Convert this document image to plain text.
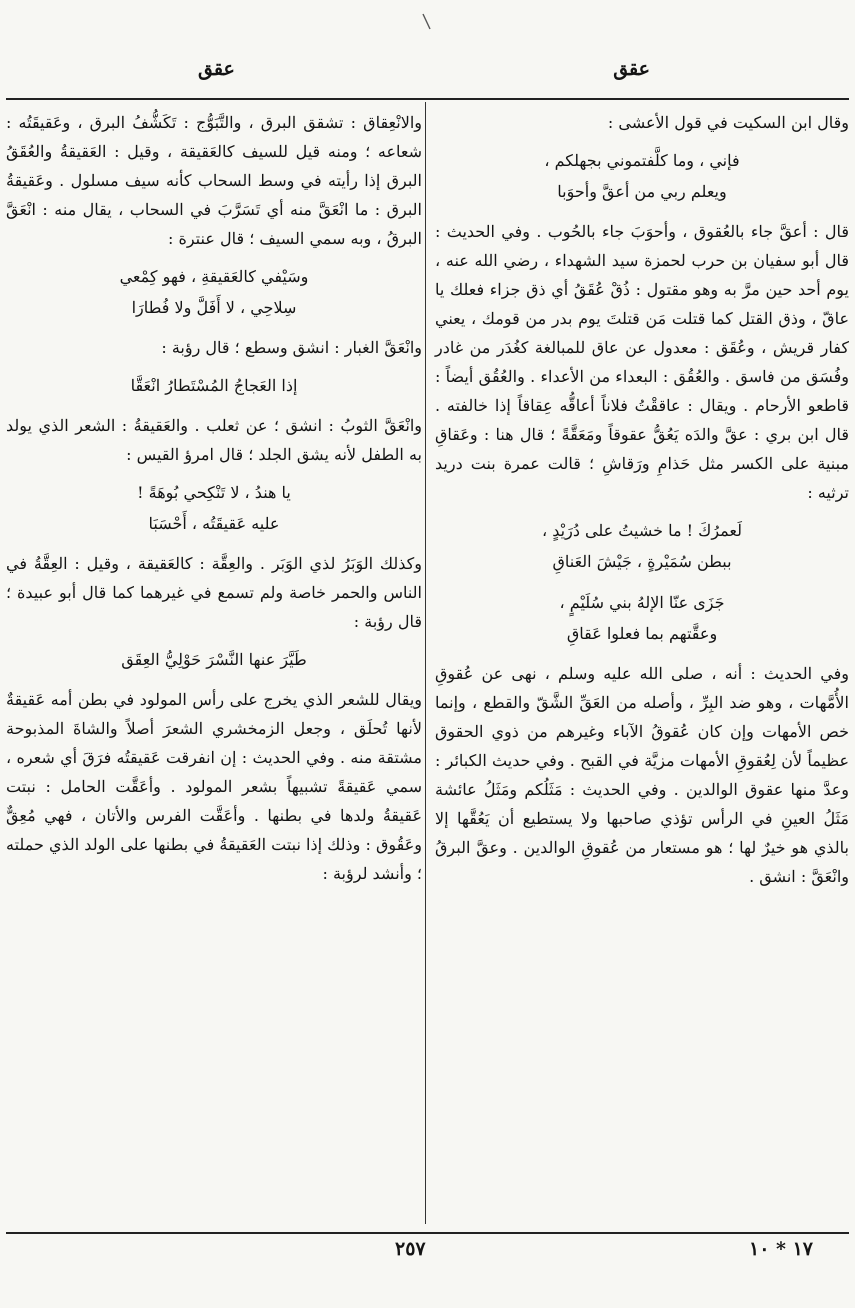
عقق
عقق

وقال ابن السكيت في قول الأعشى :

فإني ، وما كلَّفتموني بجهلكم ،
ويعلم ربي من أعقَّ وأحوَبا

قال : أعقَّ جاء بالعُقوق ، وأحوَبَ جاء بالحُوب . وفي الحديث : قال أبو سفيان بن حرب لحمزة سيد الشهداء ، رضي الله عنه ، يوم أحد حين مرَّ به وهو مقتول : ذُقْ عُقَقُ أي ذق جزاء فعلك يا عاقّ ، وذق القتل كما قتلت مَن قتلتَ يوم بدر من قومك ، يعني كفار قريش ، وعُقَق : معدول عن عاق للمبالغة كغُدَر من غادر وفُسَق من فاسق . والعُقُق : البعداء من الأعداء . والعُقُق أيضاً : قاطعو الأرحام . ويقال : عاققْتُ فلاناً أعاقُّه عِقاقاً إذا خالفته . قال ابن بري : عقَّ والدَه يَعُقُّ عقوقاً ومَعَقَّةً ؛ قال هنا : وعَقاقِ مبنية على الكسر مثل حَذامِ ورَقاشِ ؛ قالت عمرة بنت دريد ترثيه :

لَعمرُكَ ! ما خشيتُ على دُرَيْدٍ ،
ببطن سُمَيْرةٍ ، جَيْشَ العَناقِ
جَزَى عنّا الإلهُ بني سُلَيْمٍ ،
وعقَّتهم بما فعلوا عَقاقِ

وفي الحديث : أنه ، صلى الله عليه وسلم ، نهى عن عُقوقِ الأُمَّهات ، وهو ضد البِرِّ ، وأصله من العَقِّ الشَّقّ والقطع ، وإنما خص الأمهات وإن كان عُقوقُ الآباء وغيرهم من ذوي الحقوق عظيماً لأن لِعُقوقِ الأمهات مزيَّة في القبح . وفي حديث الكبائر : وعدَّ منها عقوق الوالدين . وفي الحديث : مَثَلُكم ومَثَلُ عائشة مَثَلُ العينِ في الرأس تؤذي صاحبها ولا يستطيع أن يَعُقَّها إلا بالذي هو خيرٌ لها ؛ هو مستعار من عُقوقِ الوالدين . وعقَّ البرقُ وانْعَقَّ : انشق .

والانْعِقاق : تشقق البرق ، والتَّبَوُّج : تَكَشُّفُ البرق ، وعَقيقَتُه : شعاعه ؛ ومنه قيل للسيف كالعَقيقة ، وقيل : العَقيقةُ والعُقَقُ البرق إذا رأيته في وسط السحاب كأنه سيف مسلول . وعَقيقةُ البرق : ما انْعَقَّ منه أي تَسَرَّبَ في السحاب ، يقال منه : انْعَقَّ البرقُ ، وبه سمي السيف ؛ قال عنترة :

وسَيْفي كالعَقيقةِ ، فهو كِمْعي
سِلاحِي ، لا أَفَلَّ ولا فُطارَا

وانْعَقَّ الغبار : انشق وسطع ؛ قال رؤبة :

إذا العَجاجُ المُسْتَطارُ انْعَقَّا

وانْعَقَّ الثوبُ : انشق ؛ عن ثعلب . والعَقيقةُ : الشعر الذي يولد به الطفل لأنه يشق الجلد ؛ قال امرؤ القيس :

يا هندُ ، لا تَنْكِحي بُوهَةً !
عليه عَقيقَتُه ، أَحْسَبَا

وكذلك الوَبَرُ لذي الوَبَر . والعِقَّة : كالعَقيقة ، وقيل : العِقَّةُ في الناس والحمر خاصة ولم تسمع في غيرهما كما قال أبو عبيدة ؛ قال رؤبة :

طَيَّرَ عنها النَّسْرَ حَوْلِيُّ العِقَق

ويقال للشعر الذي يخرج على رأس المولود في بطن أمه عَقيقةٌ لأنها تُحلَق ، وجعل الزمخشري الشعرَ أصلاً والشاةَ المذبوحة مشتقة منه . وفي الحديث : إن انفرقت عَقيقتُه فرَقَ أي شعره ، سمي عَقيقةً تشبيهاً بشعر المولود . وأعَقَّت الحامل : نبتت عَقيقةُ ولدها في بطنها . وأعَقَّت الفرس والأتان ، فهي مُعِقٌّ وعَقُوق : وذلك إذا نبتت العَقيقةُ في بطنها على الولد الذي حملته ؛ وأنشد لرؤبة :

٢٥٧	١٧ * ١٠
